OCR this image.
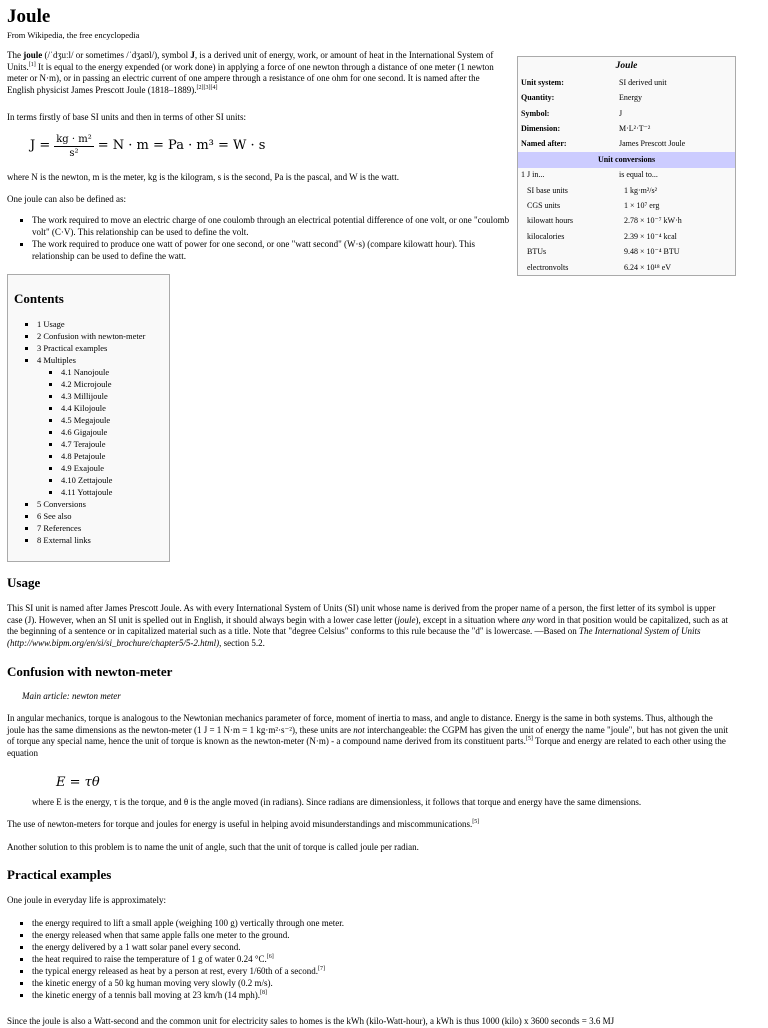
Joule
From Wikipedia, the free encyclopedia

The joule (/ˈdʒuːl/ or sometimes /ˈdʒaʊl/), symbol J, is a derived unit of energy, work, or amount of heat in the International System of Units.[1] It is equal to the energy expended (or work done) in applying a force of one newton through a distance of one meter (1 newton meter or N·m), or in passing an electric current of one ampere through a resistance of one ohm for one second. It is named after the English physicist James Prescott Joule (1818–1889).[2][3][4]

In terms firstly of base SI units and then in terms of other SI units:

$J = \frac{\text{kg · m²}}{\text{s²}} = N \cdot m = Pa \cdot m^3 = W \cdot s$

where N is the newton, m is the meter, kg is the kilogram, s is the second, Pa is the pascal, and W is the watt.

One joule can also be defined as:

▪ The work required to move an electric charge of one coulomb through an electrical potential difference of one volt, or one "coulomb volt" (C·V). This relationship can be used to define the volt.
▪ The work required to produce one watt of power for one second, or one "watt second" (W·s) (compare kilowatt hour). This relationship can be used to define the watt.
Joule	
Unit system:	SI derived unit
Quantity:	Energy
Symbol:	J
Dimension:	M·L²·T⁻²
Named after:	James Prescott Joule
Unit conversions	
1 J in...	is equal to...
SI base units	1 kg·m²/s²
CGS units	1 × 10⁷ erg
kilowatt hours	2.78 × 10⁻⁷ kW·h
kilocalories	2.39 × 10⁻⁴ kcal
BTUs	9.48 × 10⁻⁴ BTU
electronvolts	6.24 × 10¹⁸ eV
Contents
▪ 1 Usage
▪ 2 Confusion with newton-meter
▪ 3 Practical examples
▪ 4 Multiples
▪ 4.1 Nanojoule
▪ 4.2 Microjoule
▪ 4.3 Millijoule
▪ 4.4 Kilojoule
▪ 4.5 Megajoule
▪ 4.6 Gigajoule
▪ 4.7 Terajoule
▪ 4.8 Petajoule
▪ 4.9 Exajoule
▪ 4.10 Zettajoule
▪ 4.11 Yottajoule
▪ 5 Conversions
▪ 6 See also
▪ 7 References
▪ 8 External links
Usage

This SI unit is named after James Prescott Joule. As with every International System of Units (SI) unit whose name is derived from the proper name of a person, the first letter of its symbol is upper case (J). However, when an SI unit is spelled out in English, it should always begin with a lower case letter (joule), except in a situation where any word in that position would be capitalized, such as at the beginning of a sentence or in capitalized material such as a title. Note that "degree Celsius" conforms to this rule because the "d" is lowercase. —Based on The International System of Units (http://www.bipm.org/en/si/si_brochure/chapter5/5-2.html), section 5.2.

Confusion with newton-meter
Main article: newton meter

In angular mechanics, torque is analogous to the Newtonian mechanics parameter of force, moment of inertia to mass, and angle to distance. Energy is the same in both systems. Thus, although the joule has the same dimensions as the newton-meter (1 J = 1 N·m = 1 kg·m²·s⁻²), these units are not interchangeable: the CGPM has given the unit of energy the name "joule", but has not given the unit of torque any special name, hence the unit of torque is known as the newton-meter (N·m) - a compound name derived from its constituent parts.[5] Torque and energy are related to each other using the equation

E = τθ

where E is the energy, τ is the torque, and θ is the angle moved (in radians). Since radians are dimensionless, it follows that torque and energy have the same dimensions.

The use of newton-meters for torque and joules for energy is useful in helping avoid misunderstandings and miscommunications.[5]

Another solution to this problem is to name the unit of angle, such that the unit of torque is called joule per radian.

Practical examples

One joule in everyday life is approximately:

▪ the energy required to lift a small apple (weighing 100 g) vertically through one meter.
▪ the energy released when that same apple falls one meter to the ground.
▪ the energy delivered by a 1 watt solar panel every second.
▪ the heat required to raise the temperature of 1 g of water 0.24 °C.[6]
▪ the typical energy released as heat by a person at rest, every 1/60th of a second.[7]
▪ the kinetic energy of a 50 kg human moving very slowly (0.2 m/s).
▪ the kinetic energy of a tennis ball moving at 23 km/h (14 mph).[8]

Since the joule is also a Watt-second and the common unit for electricity sales to homes is the kWh (kilo-Watt-hour), a kWh is thus 1000 (kilo) x 3600 seconds = 3.6 MJ
